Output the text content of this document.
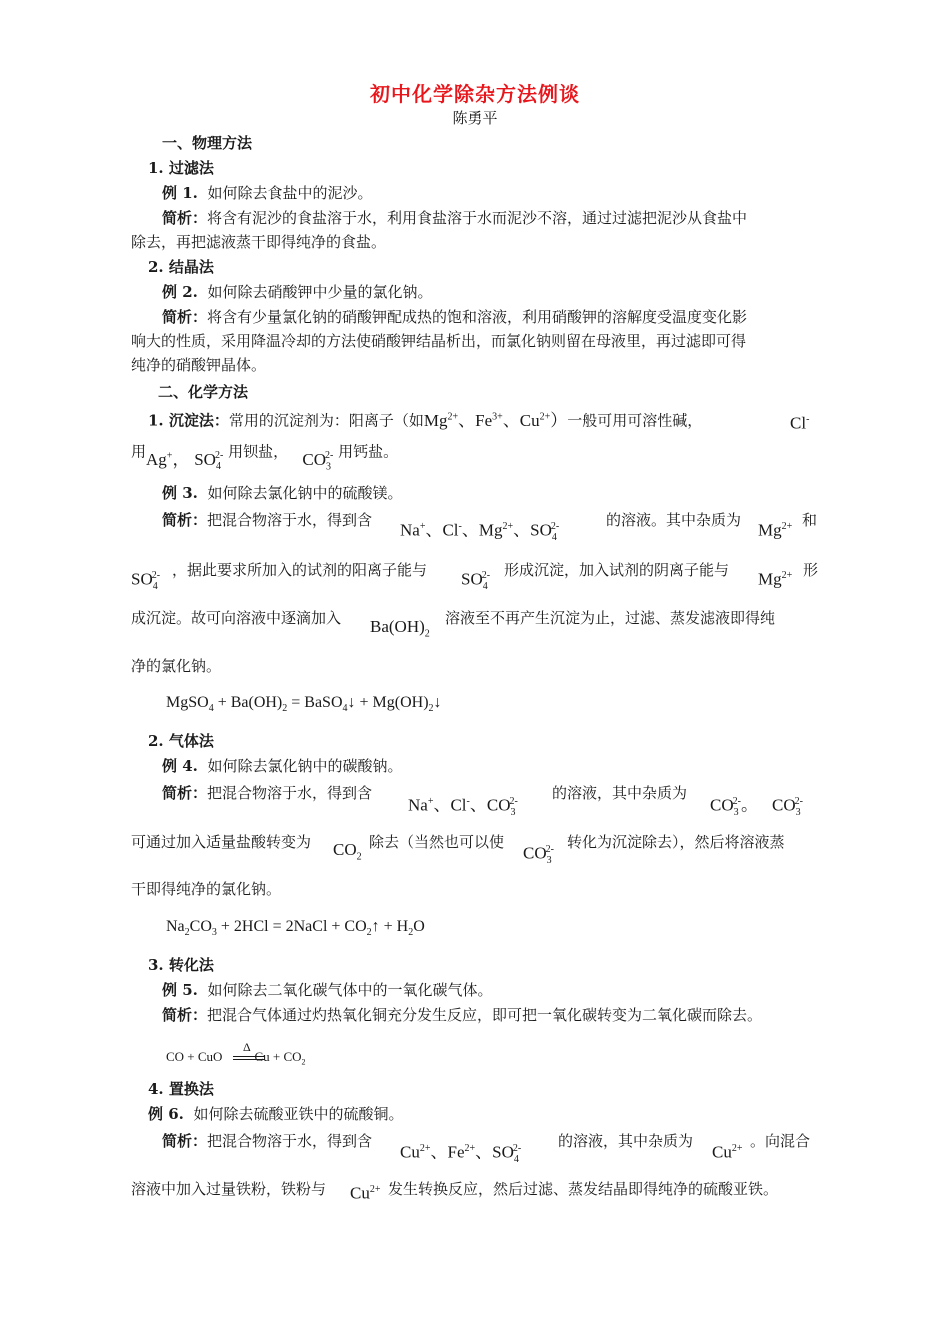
初中化学除杂方法例谈
陈勇平
一、物理方法
1. 过滤法
例 1. 如何除去食盐中的泥沙。
简析：将含有泥沙的食盐溶于水，利用食盐溶于水而泥沙不溶，通过过滤把泥沙从食盐中
除去，再把滤液蒸干即得纯净的食盐。
2. 结晶法
例 2. 如何除去硝酸钾中少量的氯化钠。
简析：将含有少量氯化钠的硝酸钾配成热的饱和溶液，利用硝酸钾的溶解度受温度变化影
响大的性质，采用降温冷却的方法使硝酸钾结晶析出，而氯化钠则留在母液里，再过滤即可得
纯净的硝酸钾晶体。
二、化学方法
1. 沉淀法：常用的沉淀剂为：阳离子（如$Mg^{2+}$、$Fe^{3+}$、$Cu^{2+}$）一般可用可溶性碱，	Cl-
用Ag+， $SO_4^{2-}$ 用钡盐， $CO_3^{2-}$ 用钙盐。
例 3. 如何除去氯化钠中的硫酸镁。
简析：把混合物溶于水，得到含
Na+、Cl-、$Mg^{2+}$、$SO_4^{2-}$	的溶液。其中杂质为
$Mg^{2+}$ 和
$SO_4^{2-}$ ，据此要求所加入的试剂的阳离子能与 $SO_4^{2-}$ 形成沉淀，加入试剂的阴离子能与 $Mg^{2+}$ 形
成沉淀。故可向溶液中逐滴加入 $Ba(OH)_2$
溶液至不再产生沉淀为止，过滤、蒸发滤液即得纯
净的氯化钠。
MgSO$_4$ + $Ba(OH)_2$ = BaSO$_4$↓ + $Mg(OH)_2↓$
2. 气体法
例 4. 如何除去氯化钠中的碳酸钠。
简析：把混合物溶于水，得到含
Na+、Cl-、$CO_3^{2-}$ 的溶液，其中杂质为
$CO_3^{2-}$。 $CO_3^{2-}$
可通过加入适量盐酸转变为 $CO_2$
除去（当然也可以使
$CO_3^{2-}$ 转化为沉淀除去），然后将溶液蒸
干即得纯净的氯化钠。
$Na_2CO_3 + 2HCl$ = 2NaCl + $CO_2↑ + H_2O$
3. 转化法
例 5. 如何除去二氧化碳气体中的一氧化碳气体。
简析：把混合气体通过灼热氧化铜充分发生反应，即可把一氧化碳转变为二氧化碳而除去。
Δ
CO + CuO $Cu + CO_2$
4. 置换法
例 6. 如何除去硫酸亚铁中的硫酸铜。
简析：把混合物溶于水，得到含
$Cu^{2+}$、$Fe^{2+}$、$SO_4^{2-}$ 的溶液，其中杂质为
$Cu^{2+}$ 。向混合
溶液中加入过量铁粉，铁粉与 $Cu^{2+}$ 发生转换反应，然后过滤、蒸发结晶即得纯净的硫酸亚铁。
